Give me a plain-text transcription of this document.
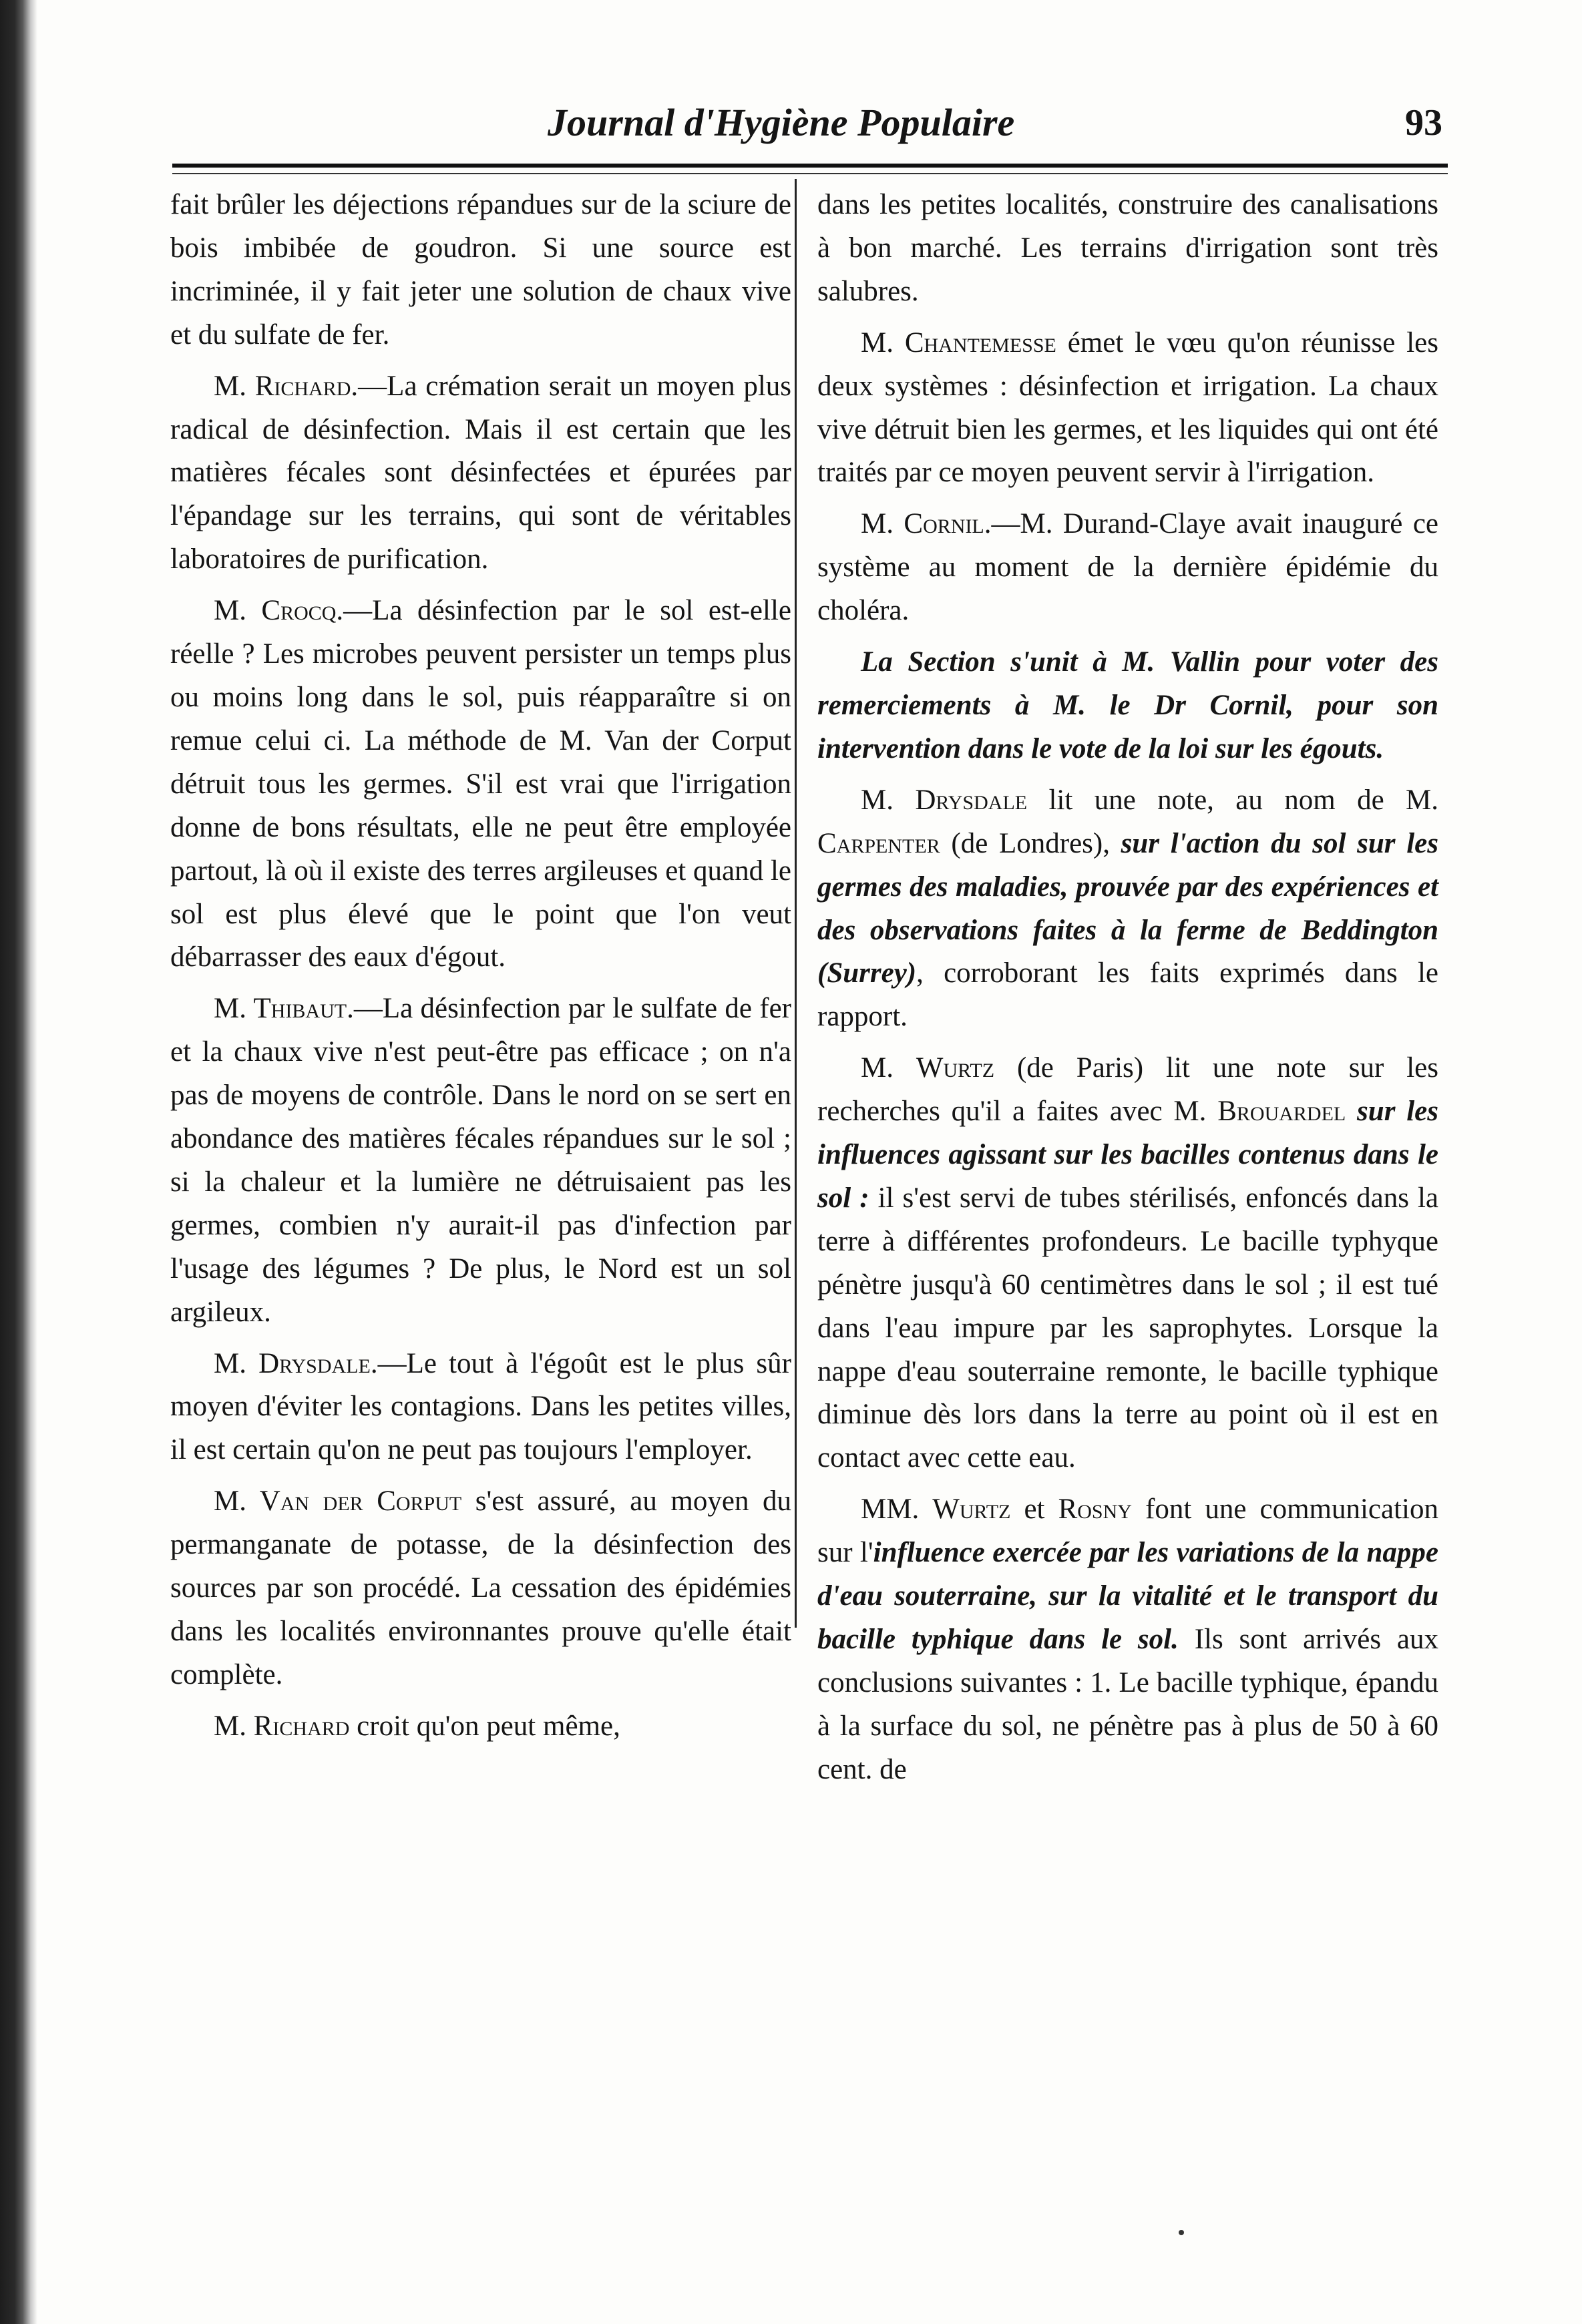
Journal d'Hygiène Populaire	93

fait brûler les déjections répandues sur de la sciure de bois imbibée de goudron. Si une source est incriminée, il y fait jeter une solution de chaux vive et du sulfate de fer.

M. Richard.—La crémation serait un moyen plus radical de désinfection. Mais il est certain que les matières fécales sont désinfectées et épurées par l'épandage sur les terrains, qui sont de véritables laboratoires de purification.

M. Crocq.—La désinfection par le sol est-elle réelle ? Les microbes peuvent persister un temps plus ou moins long dans le sol, puis réapparaître si on remue celui ci. La méthode de M. Van der Corput détruit tous les germes. S'il est vrai que l'irrigation donne de bons résultats, elle ne peut être employée partout, là où il existe des terres argileuses et quand le sol est plus élevé que le point que l'on veut débarrasser des eaux d'égout.

M. Thibaut.—La désinfection par le sulfate de fer et la chaux vive n'est peut-être pas efficace ; on n'a pas de moyens de contrôle. Dans le nord on se sert en abondance des matières fécales répandues sur le sol ; si la chaleur et la lumière ne détruisaient pas les germes, combien n'y aurait-il pas d'infection par l'usage des légumes ? De plus, le Nord est un sol argileux.

M. Drysdale.—Le tout à l'égoût est le plus sûr moyen d'éviter les contagions. Dans les petites villes, il est certain qu'on ne peut pas toujours l'employer.

M. Van der Corput s'est assuré, au moyen du permanganate de potasse, de la désinfection des sources par son procédé. La cessation des épidémies dans les localités environnantes prouve qu'elle était complète.

M. Richard croit qu'on peut même,

dans les petites localités, construire des canalisations à bon marché. Les terrains d'irrigation sont très salubres.

M. Chantemesse émet le vœu qu'on réunisse les deux systèmes : désinfection et irrigation. La chaux vive détruit bien les germes, et les liquides qui ont été traités par ce moyen peuvent servir à l'irrigation.

M. Cornil.—M. Durand-Claye avait inauguré ce système au moment de la dernière épidémie du choléra.

La Section s'unit à M. Vallin pour voter des remerciements à M. le Dr Cornil, pour son intervention dans le vote de la loi sur les égouts.

M. Drysdale lit une note, au nom de M. Carpenter (de Londres), sur l'action du sol sur les germes des maladies, prouvée par des expériences et des observations faites à la ferme de Beddington (Surrey), corroborant les faits exprimés dans le rapport.

M. Wurtz (de Paris) lit une note sur les recherches qu'il a faites avec M. Brouardel sur les influences agissant sur les bacilles contenus dans le sol : il s'est servi de tubes stérilisés, enfoncés dans la terre à différentes profondeurs. Le bacille typhyque pénètre jusqu'à 60 centimètres dans le sol ; il est tué dans l'eau impure par les saprophytes. Lorsque la nappe d'eau souterraine remonte, le bacille typhique diminue dès lors dans la terre au point où il est en contact avec cette eau.

MM. Wurtz et Rosny font une communication sur l'influence exercée par les variations de la nappe d'eau souterraine, sur la vitalité et le transport du bacille typhique dans le sol. Ils sont arrivés aux conclusions suivantes : 1. Le bacille typhique, épandu à la surface du sol, ne pénètre pas à plus de 50 à 60 cent. de
